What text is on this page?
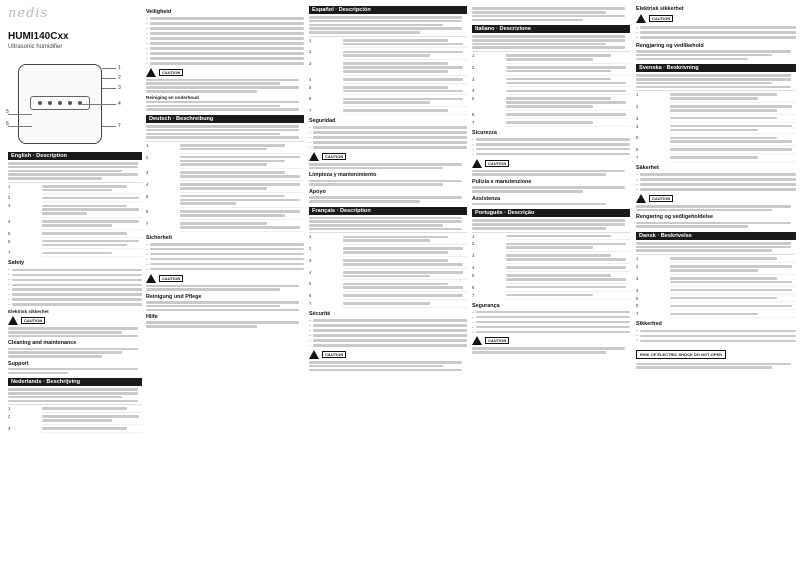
nedis
HUMI140Cxx
Ultrasonic humidifier
1
2
3
4
5
6	7
English · Description
1
2
3
4
5
6
7
Safety
–
–
–
–
–
–
–
–
Elektrisk sikkerhet
CAUTION
Cleaning and maintenance
Support
Nederlands · Beschrijving
1
2
3
Veiligheid
–
–
–
–
–
–
–
–
–
–
CAUTION
Reiniging en onderhoud
Deutsch · Beschreibung
1
2
3
4
5
6
7
Sicherheit
–
–
–
–
–
–
CAUTION
Reinigung und Pflege
Hilfe
Español · Descripción
1
2
3
4
5
6
7
Seguridad
–
–
–
–
–
CAUTION
Limpieza y mantenimiento
Apoyo
Français · Description
1
2
3
4
5
6
7
Sécurité
–
–
–
–
–
–
CAUTION
Italiano · Descrizione
1
2
3
4
5
6
7
Sicurezza
–
–
–
–
CAUTION
Pulizia e manutenzione
Assistenza
Português · Descrição
1
2
3
4
5
6
7
Segurança
–
–
–
–
–
CAUTION
Elektrisk sikkerhet
CAUTION
–
–
–
Rengjøring og vedlikehold
Svenska · Beskrivning
1
2
3
4
5
6
7
Säkerhet
–
–
–
–
CAUTION
Rengøring og vedligeholdelse
Dansk · Beskrivelse
1
2
3
4
5
6
7
Sikkerhed
–
–
–
RISK OF ELECTRIC SHOCK DO NOT OPEN
